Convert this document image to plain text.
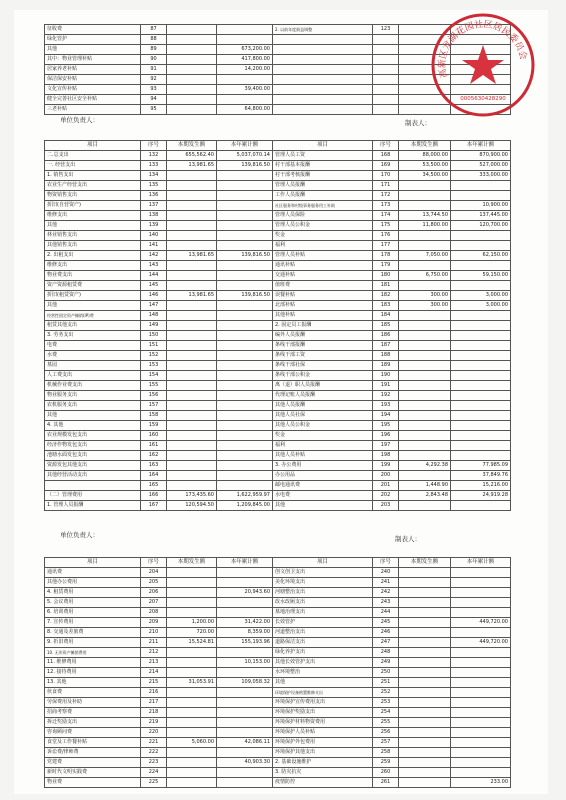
征收费	87			2. 以前年度损益调整	123		
绿化管护	88						
其他	89		673,200.00				
其中：物业管理补贴	90		417,800.00				
居家养老补贴	91		14,200.00				
保洁保安补贴	92						
文化宣传补贴	93		39,400.00				
健全完善社区安全补贴	94						
三老补贴	95		64,800.00				
单位负责人：	制表人：
项目	序号	本期发生额	本年累计额	项目	序号	本期发生额	本年累计额
二.总支出	132	655,562.40	5,037,070.14	管理人员工资	168	88,000.00	870,900.00
一. 经营支出	133	13,981.65	139,816.50	村干部基本报酬	169	53,500.00	527,000.00
1. 销售支出	134			村干部考核报酬	170	34,500.00	333,000.00
农业生产经营支出	135			管理人员报酬	171		
物资销售支出	136			工作人员报酬	172		
折旧(自营资产)	137			社区服务和村级事务服务用工补助	173		10,900.00
维修支出	138			管理人员保险	174	13,744.50	137,445.00
其他	139			管理人员公积金	175	11,800.00	120,700.00
林业销售支出	140			奖金	176		
其他销售支出	141			福利	177		
2. 出租支出	142	13,981.65	139,816.50	管理人员补贴	178	7,050.00	62,150.00
维修支出	143			通讯补贴	179		
物业费支出	144			交通补贴	180	6,750.00	59,150.00
资产资源租赁费	145			值班费	181		
折旧(租赁资产)	146	13,981.65	139,816.50	误餐补贴	182	300.00	3,000.00
其他	147			北部补贴	183	300.00	3,000.00
经营性固定资产摊销(IP)费	148			其他补贴	184		
租赁其他支出	149			2. 固定员工报酬	185		
3. 劳务支出	150			编外人员报酬	186		
电费	151			条线干部报酬	187		
水费	152			条线干部工资	188		
墓园	153			条线干部社保	189		
人工费支出	154			条线干部公积金	190		
机械作业费支出	155			离（退）职人员报酬	191		
物业服务支出	156			代理记账人员报酬	192		
农机服务支出	157			其他人员报酬	193		
其他	158			其他人员社保	194		
4. 其他	159			其他人员公积金	195		
农业规模发包支出	160			奖金	196		
经济作物发包支出	161			福利	197		
池塘水面发包支出	162			其他人员补贴	198		
资源发包其他支出	163			3. 办公费用	199	4,292.38	77,985.09
其他经营活动支出	164			办公用品	200		37,849.76
	165			邮电通讯费	201	1,448.90	15,216.00
（二）管理费用	166	173,435.60	1,622,959.97	水电费	202	2,843.48	24,919.28
1. 管理人员报酬	167	120,594.50	1,209,845.00	其他	203		
单位负责人：	制表人：
项目	序号	本期发生额	本年累计额	项目	序号	本期发生额	本年累计额
通讯费	204			创文创卫支出	240		
其他办公费用	205			美化环境支出	241		
4. 租赁费用	206		20,943.60	河塘整治支出	242		
5. 会议费用	207			改水改厕支出	243		
6. 培训费用	208			墓地治理支出	244		
7. 宣传费用	209	1,200.00	31,422.00	长效管护	245		449,720.00
8. 交通及差旅费	210	720.00	8,359.00	河道整治支出	246		
9. 折旧费用	211	15,524.81	155,193.96	道路保洁支出	247		449,720.00
10. 无形资产摊销费用	212			绿化养护支出	248		
11. 维修费用	213		10,153.00	其他长效管护支出	249		
12. 接待费用	214			水环境整治	250		
13. 其他	215	31,053.91	109,058.32	其他	251		
伙食费	216			环境保护设备购置维修支出	252		
劳保费用及补助	217			环境保护宣传费用支出	253		
招商考察费	218			环境保护奖励支出	254		
拆迁奖励支出	219			环境保护材料物资费用	255		
咨询顾问费	220			环境保护人员补贴	256		
食堂及工作餐补贴	221	5,060.00	42,086.11	环境保护外包费用	257		
诉讼费/律师费	222			环境保护其他支出	258		
党建费	223		40,903.30	2. 基础设施维护	259		
新时代文明实践费	224			3. 防灾抗灾	260		
物业费	225			疫情防控	261		233.00
高新区龙湖花园社区居民委员会
0005630428290
